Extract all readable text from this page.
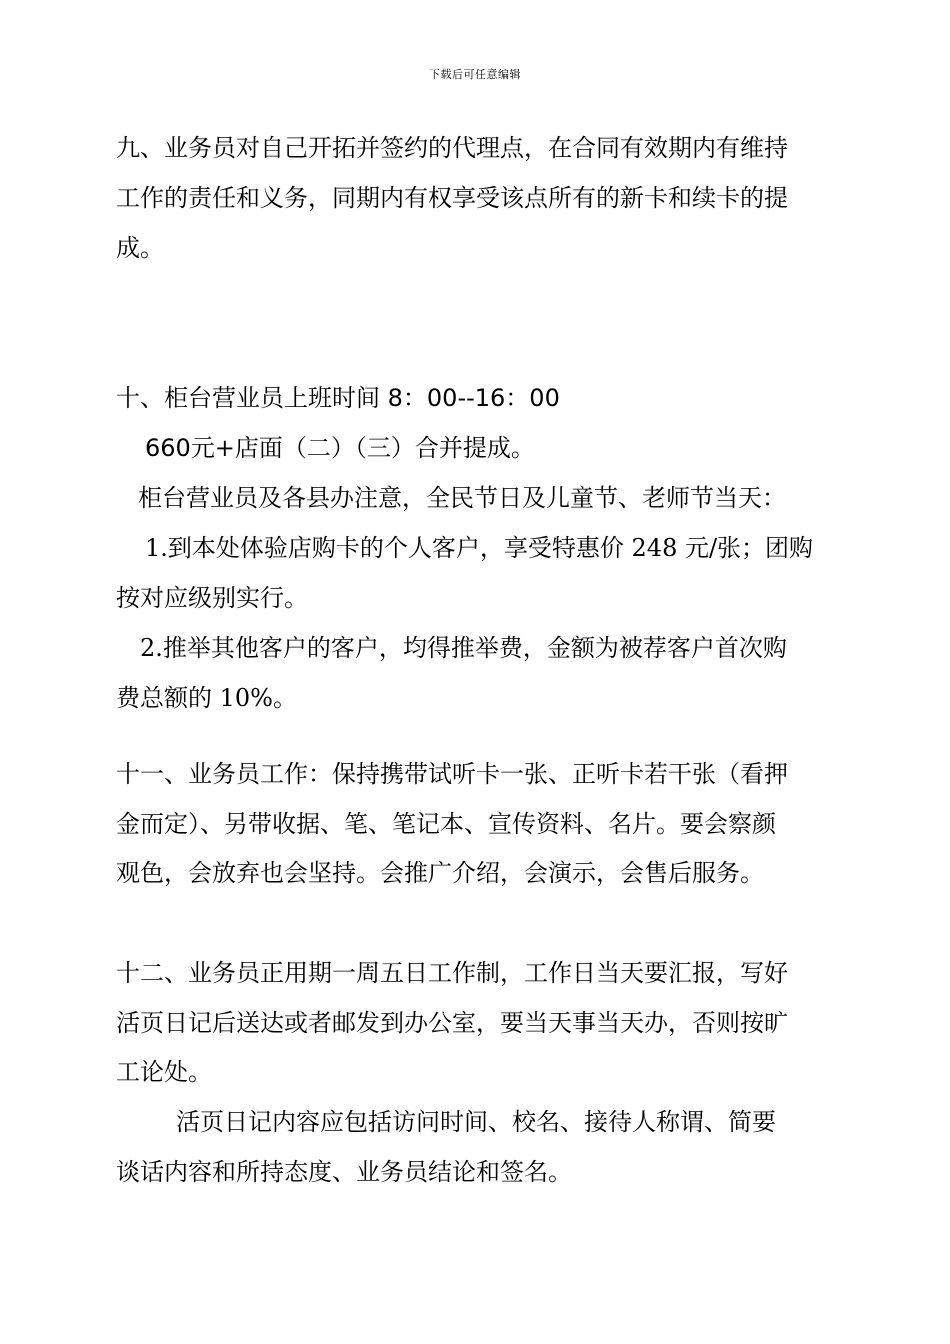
下载后可任意编辑
九、业务员对自己开拓并签约的代理点，在合同有效期内有维持
工作的责任和义务，同期内有权享受该点所有的新卡和续卡的提
成。
十、柜台营业员上班时间 8：00--16：00
660元+店面（二）（三）合并提成。
柜台营业员及各县办注意，全民节日及儿童节、老师节当天：
1.到本处体验店购卡的个人客户，享受特惠价 248 元/张；团购
按对应级别实行。
2.推举其他客户的客户，均得推举费，金额为被荐客户首次购
费总额的 10%。
十一、业务员工作：保持携带试听卡一张、正听卡若干张（看押
金而定）、另带收据、笔、笔记本、宣传资料、名片。要会察颜
观色，会放弃也会坚持。会推广介绍，会演示，会售后服务。
十二、业务员正用期一周五日工作制，工作日当天要汇报，写好
活页日记后送达或者邮发到办公室，要当天事当天办，否则按旷
工论处。
活页日记内容应包括访问时间、校名、接待人称谓、简要
谈话内容和所持态度、业务员结论和签名。
